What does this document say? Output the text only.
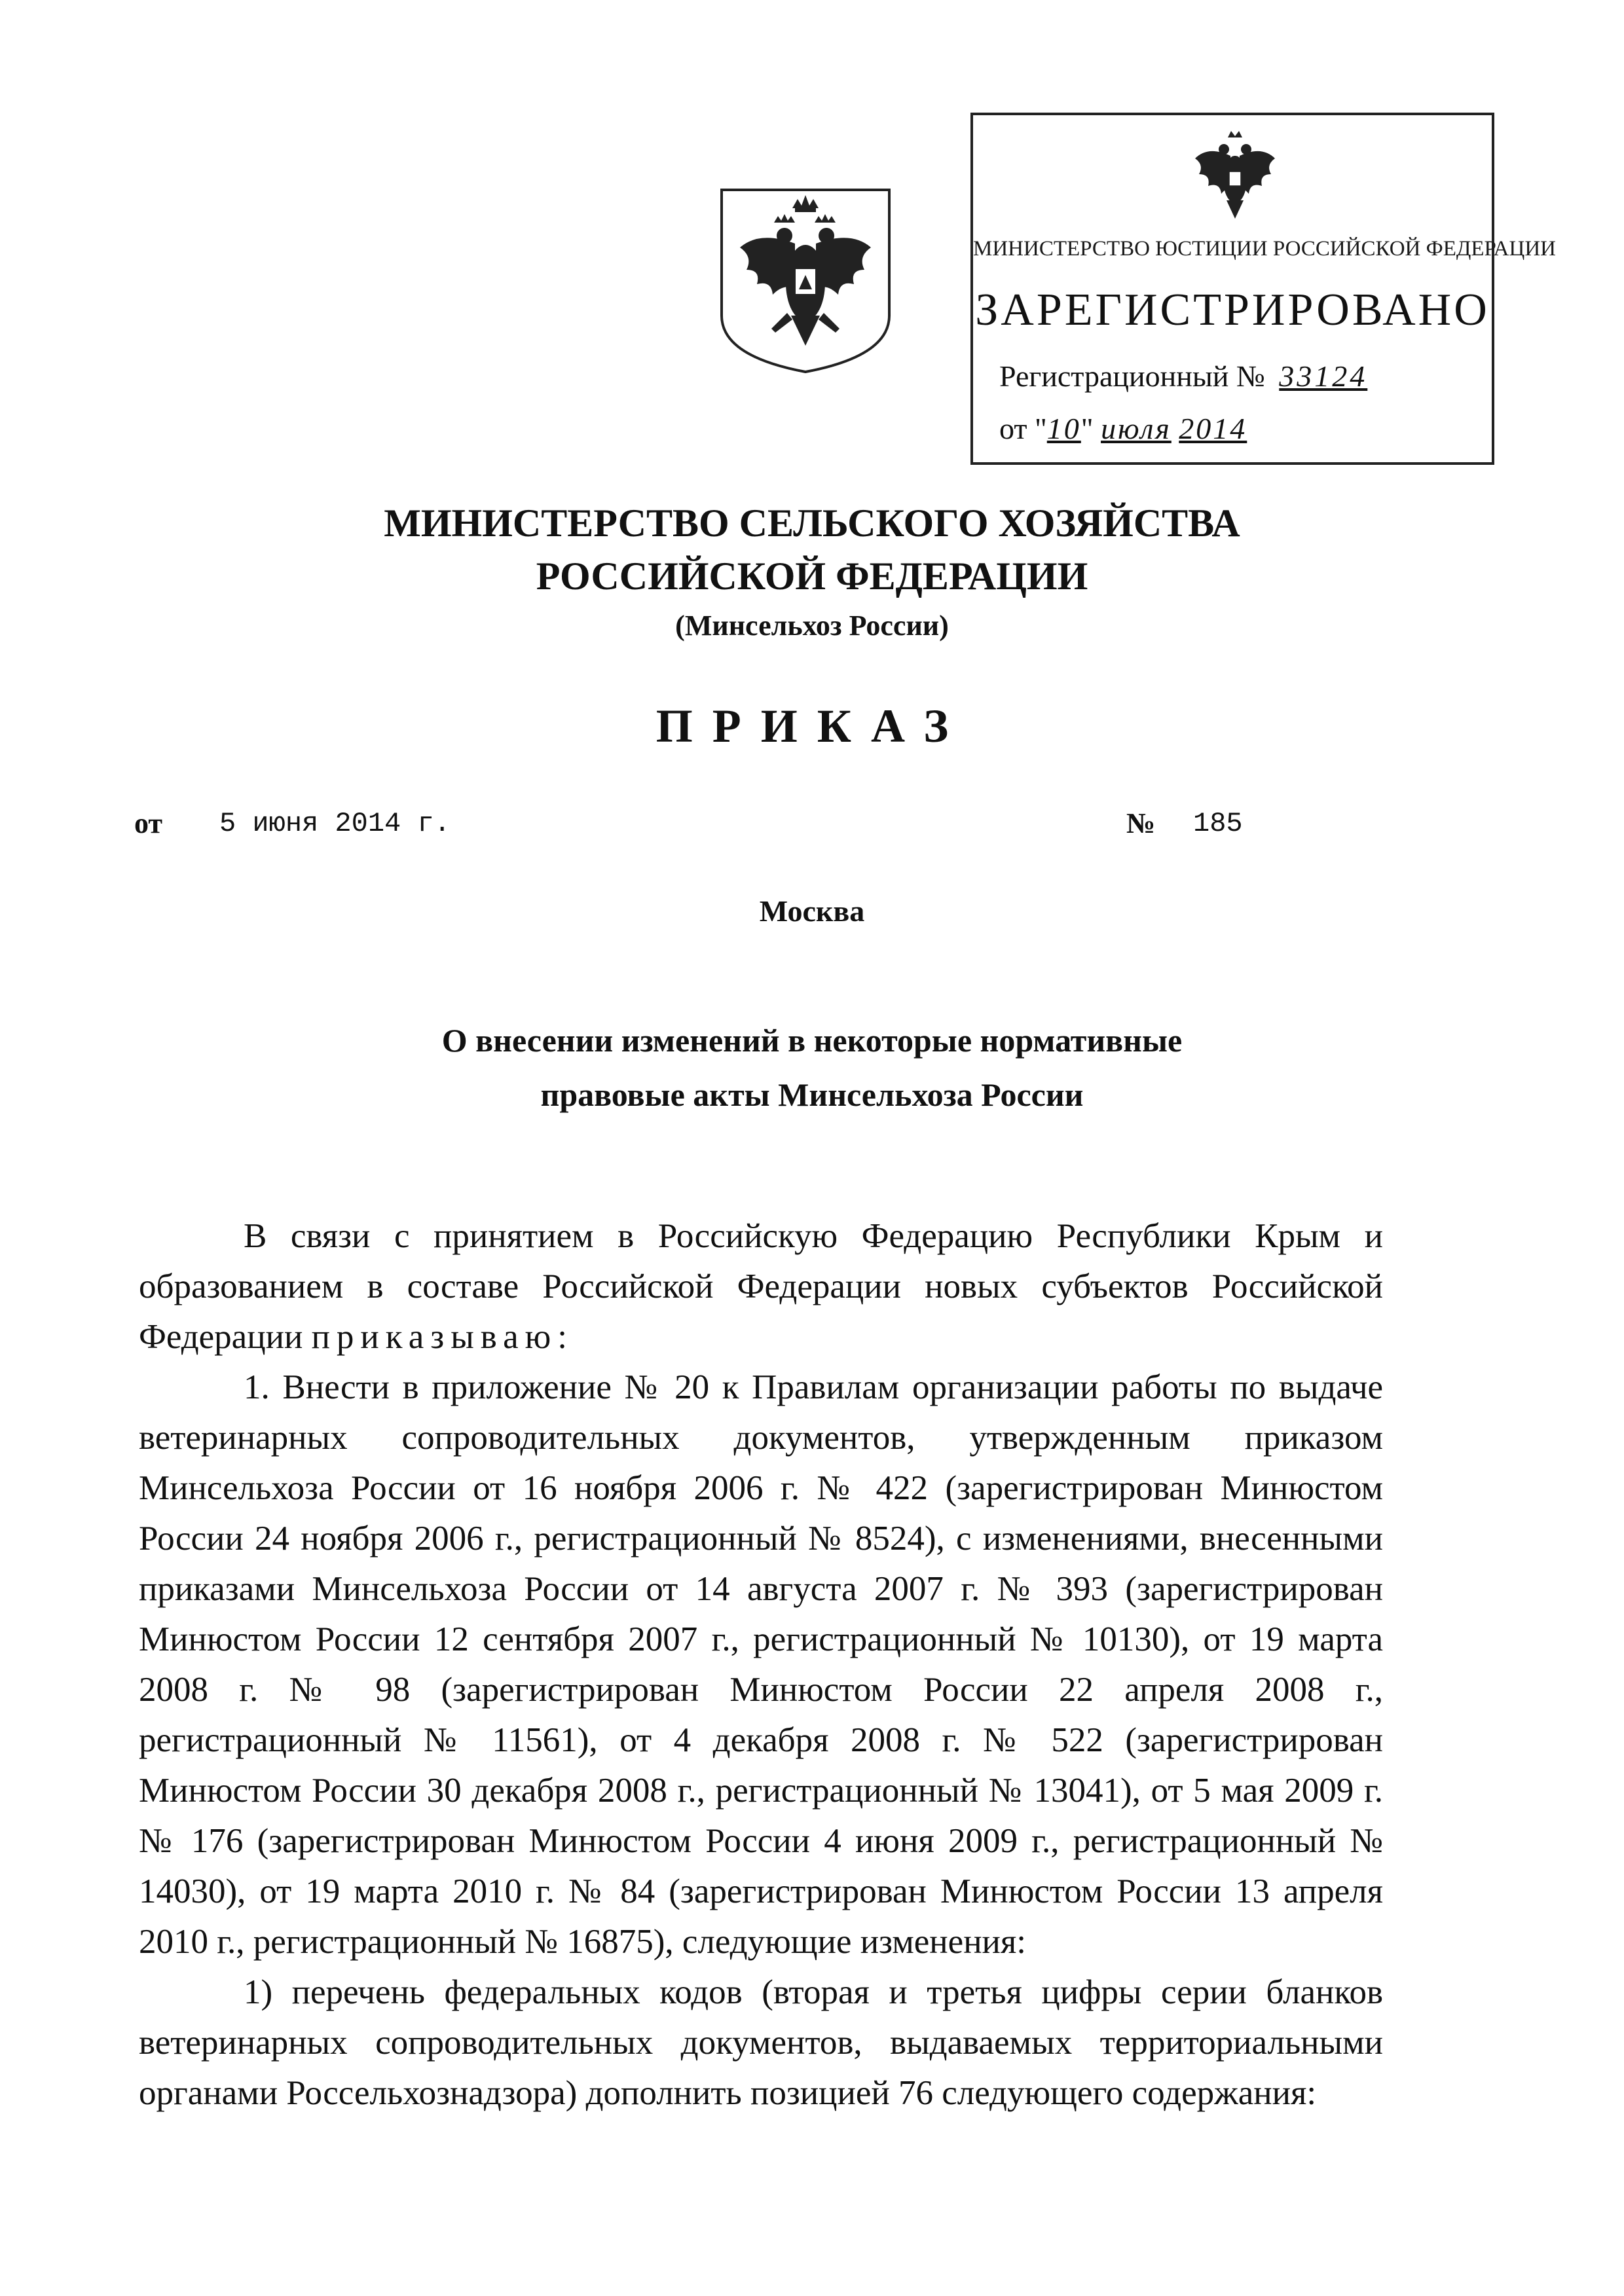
МИНИСТЕРСТВО ЮСТИЦИИ РОССИЙСКОЙ ФЕДЕРАЦИИ
ЗАРЕГИСТРИРОВАНО
Регистрационный № 33124
от "10" июля 2014
МИНИСТЕРСТВО СЕЛЬСКОГО ХОЗЯЙСТВА
РОССИЙСКОЙ ФЕДЕРАЦИИ
(Минсельхоз России)
ПРИКАЗ
от 5 июня 2014 г.	№ 185
Москва
О внесении изменений в некоторые нормативные
правовые акты Минсельхоза России

В связи с принятием в Российскую Федерацию Республики Крым и образованием в составе Российской Федерации новых субъектов Российской Федерации приказываю:

1. Внести в приложение № 20 к Правилам организации работы по выдаче ветеринарных сопроводительных документов, утвержденным приказом Минсельхоза России от 16 ноября 2006 г. № 422 (зарегистрирован Минюстом России 24 ноября 2006 г., регистрационный № 8524), с изменениями, внесенными приказами Минсельхоза России от 14 августа 2007 г. № 393 (зарегистрирован Минюстом России 12 сентября 2007 г., регистрационный № 10130), от 19 марта 2008 г. № 98 (зарегистрирован Минюстом России 22 апреля 2008 г., регистрационный № 11561), от 4 декабря 2008 г. № 522 (зарегистрирован Минюстом России 30 декабря 2008 г., регистрационный № 13041), от 5 мая 2009 г. № 176 (зарегистрирован Минюстом России 4 июня 2009 г., регистрационный № 14030), от 19 марта 2010 г. № 84 (зарегистрирован Минюстом России 13 апреля 2010 г., регистрационный № 16875), следующие изменения:

1) перечень федеральных кодов (вторая и третья цифры серии бланков ветеринарных сопроводительных документов, выдаваемых территориальными органами Россельхознадзора) дополнить позицией 76 следующего содержания:
